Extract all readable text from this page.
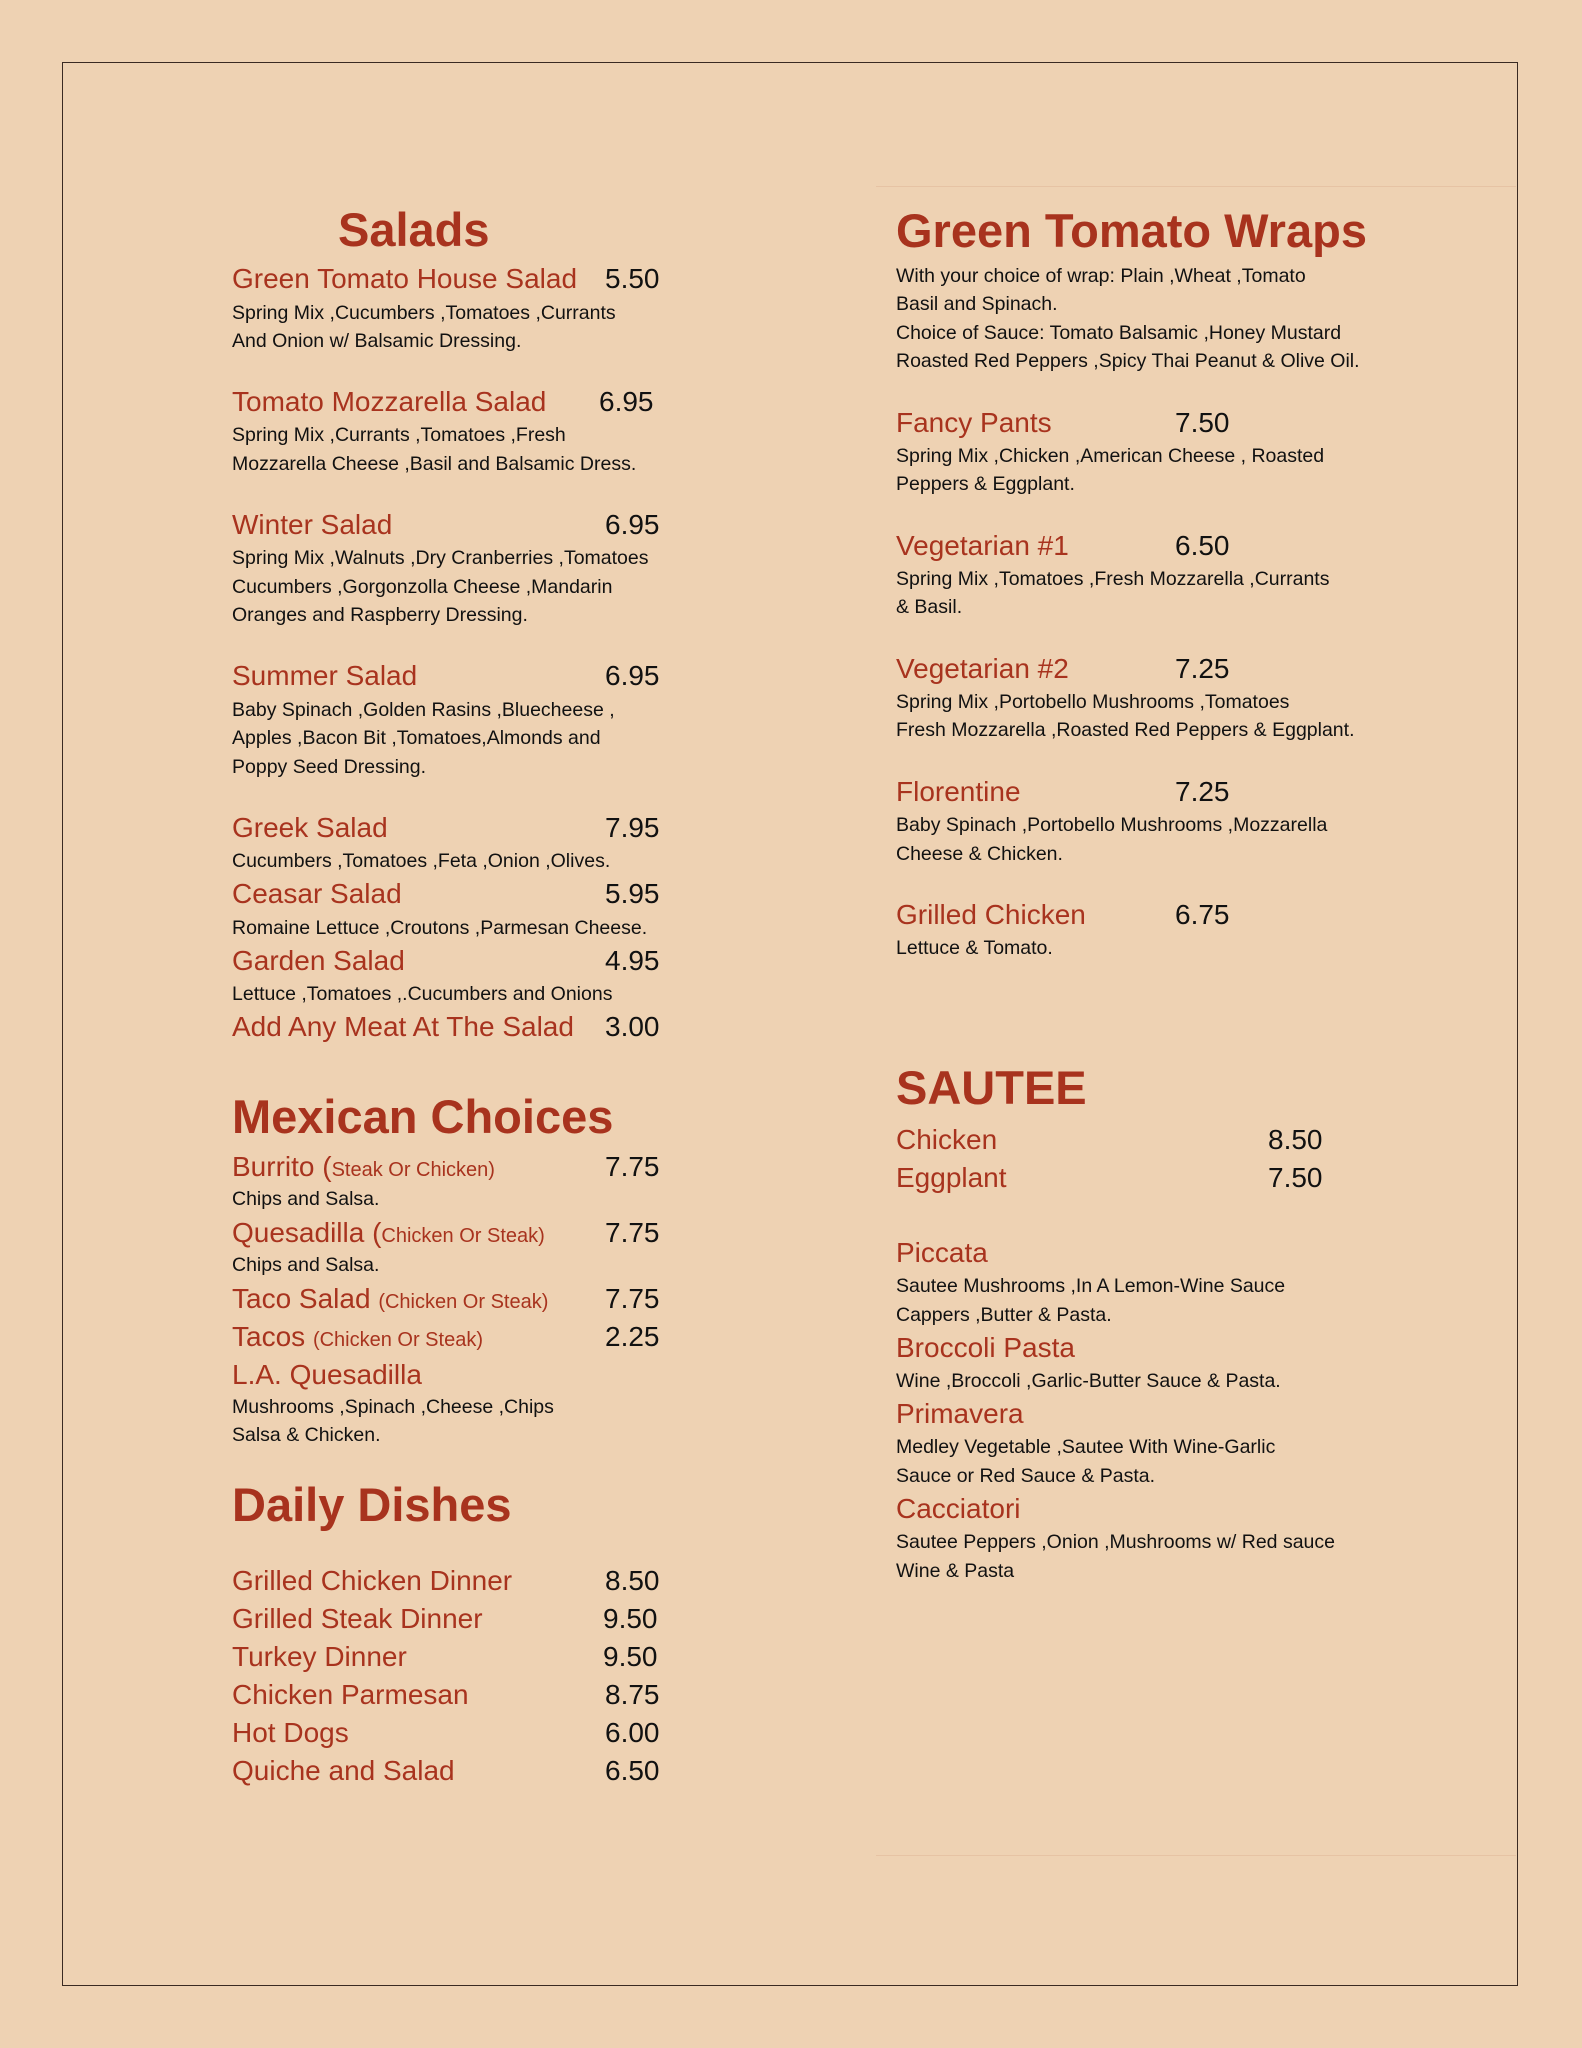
Salads
Green Tomato House Salad 5.50
Spring Mix ,Cucumbers ,Tomatoes ,Currants
And Onion w/ Balsamic Dressing.
Tomato Mozzarella Salad 6.95
Spring Mix ,Currants ,Tomatoes ,Fresh
Mozzarella Cheese ,Basil and Balsamic Dress.
Winter Salad	6.95
Spring Mix ,Walnuts ,Dry Cranberries ,Tomatoes
Cucumbers ,Gorgonzolla Cheese ,Mandarin
Oranges and Raspberry Dressing.
Summer Salad	6.95
Baby Spinach ,Golden Rasins ,Bluecheese ,
Apples ,Bacon Bit ,Tomatoes,Almonds and
Poppy Seed Dressing.
Greek Salad	7.95
Cucumbers ,Tomatoes ,Feta ,Onion ,Olives.
Ceasar Salad	5.95
Romaine Lettuce ,Croutons ,Parmesan Cheese.
Garden Salad	4.95
Lettuce ,Tomatoes ,.Cucumbers and Onions
Add Any Meat At The Salad 3.00
Mexican Choices
Burrito (Steak Or Chicken)	7.75
Chips and Salsa.
Quesadilla (Chicken Or Steak) 7.75
Chips and Salsa.
Taco Salad (Chicken Or Steak) 7.75
Tacos (Chicken Or Steak)	2.25
L.A. Quesadilla
Mushrooms ,Spinach ,Cheese ,Chips
Salsa & Chicken.
Daily Dishes
Grilled Chicken Dinner	8.50
Grilled Steak Dinner	9.50
Turkey Dinner	9.50
Chicken Parmesan	8.75
Hot Dogs	6.00
Quiche and Salad	6.50
Green Tomato Wraps
With your choice of wrap: Plain ,Wheat ,Tomato
Basil and Spinach.
Choice of Sauce: Tomato Balsamic ,Honey Mustard
Roasted Red Peppers ,Spicy Thai Peanut & Olive Oil.
Fancy Pants	7.50
Spring Mix ,Chicken ,American Cheese , Roasted
Peppers & Eggplant.
Vegetarian #1	6.50
Spring Mix ,Tomatoes ,Fresh Mozzarella ,Currants
& Basil.
Vegetarian #2	7.25
Spring Mix ,Portobello Mushrooms ,Tomatoes
Fresh Mozzarella ,Roasted Red Peppers & Eggplant.
Florentine	7.25
Baby Spinach ,Portobello Mushrooms ,Mozzarella
Cheese & Chicken.
Grilled Chicken	6.75
Lettuce & Tomato.
SAUTEE
Chicken	8.50
Eggplant	7.50
Piccata
Sautee Mushrooms ,In A Lemon-Wine Sauce
Cappers ,Butter & Pasta.
Broccoli Pasta
Wine ,Broccoli ,Garlic-Butter Sauce & Pasta.
Primavera
Medley Vegetable ,Sautee With Wine-Garlic
Sauce or Red Sauce & Pasta.
Cacciatori
Sautee Peppers ,Onion ,Mushrooms w/ Red sauce
Wine & Pasta
